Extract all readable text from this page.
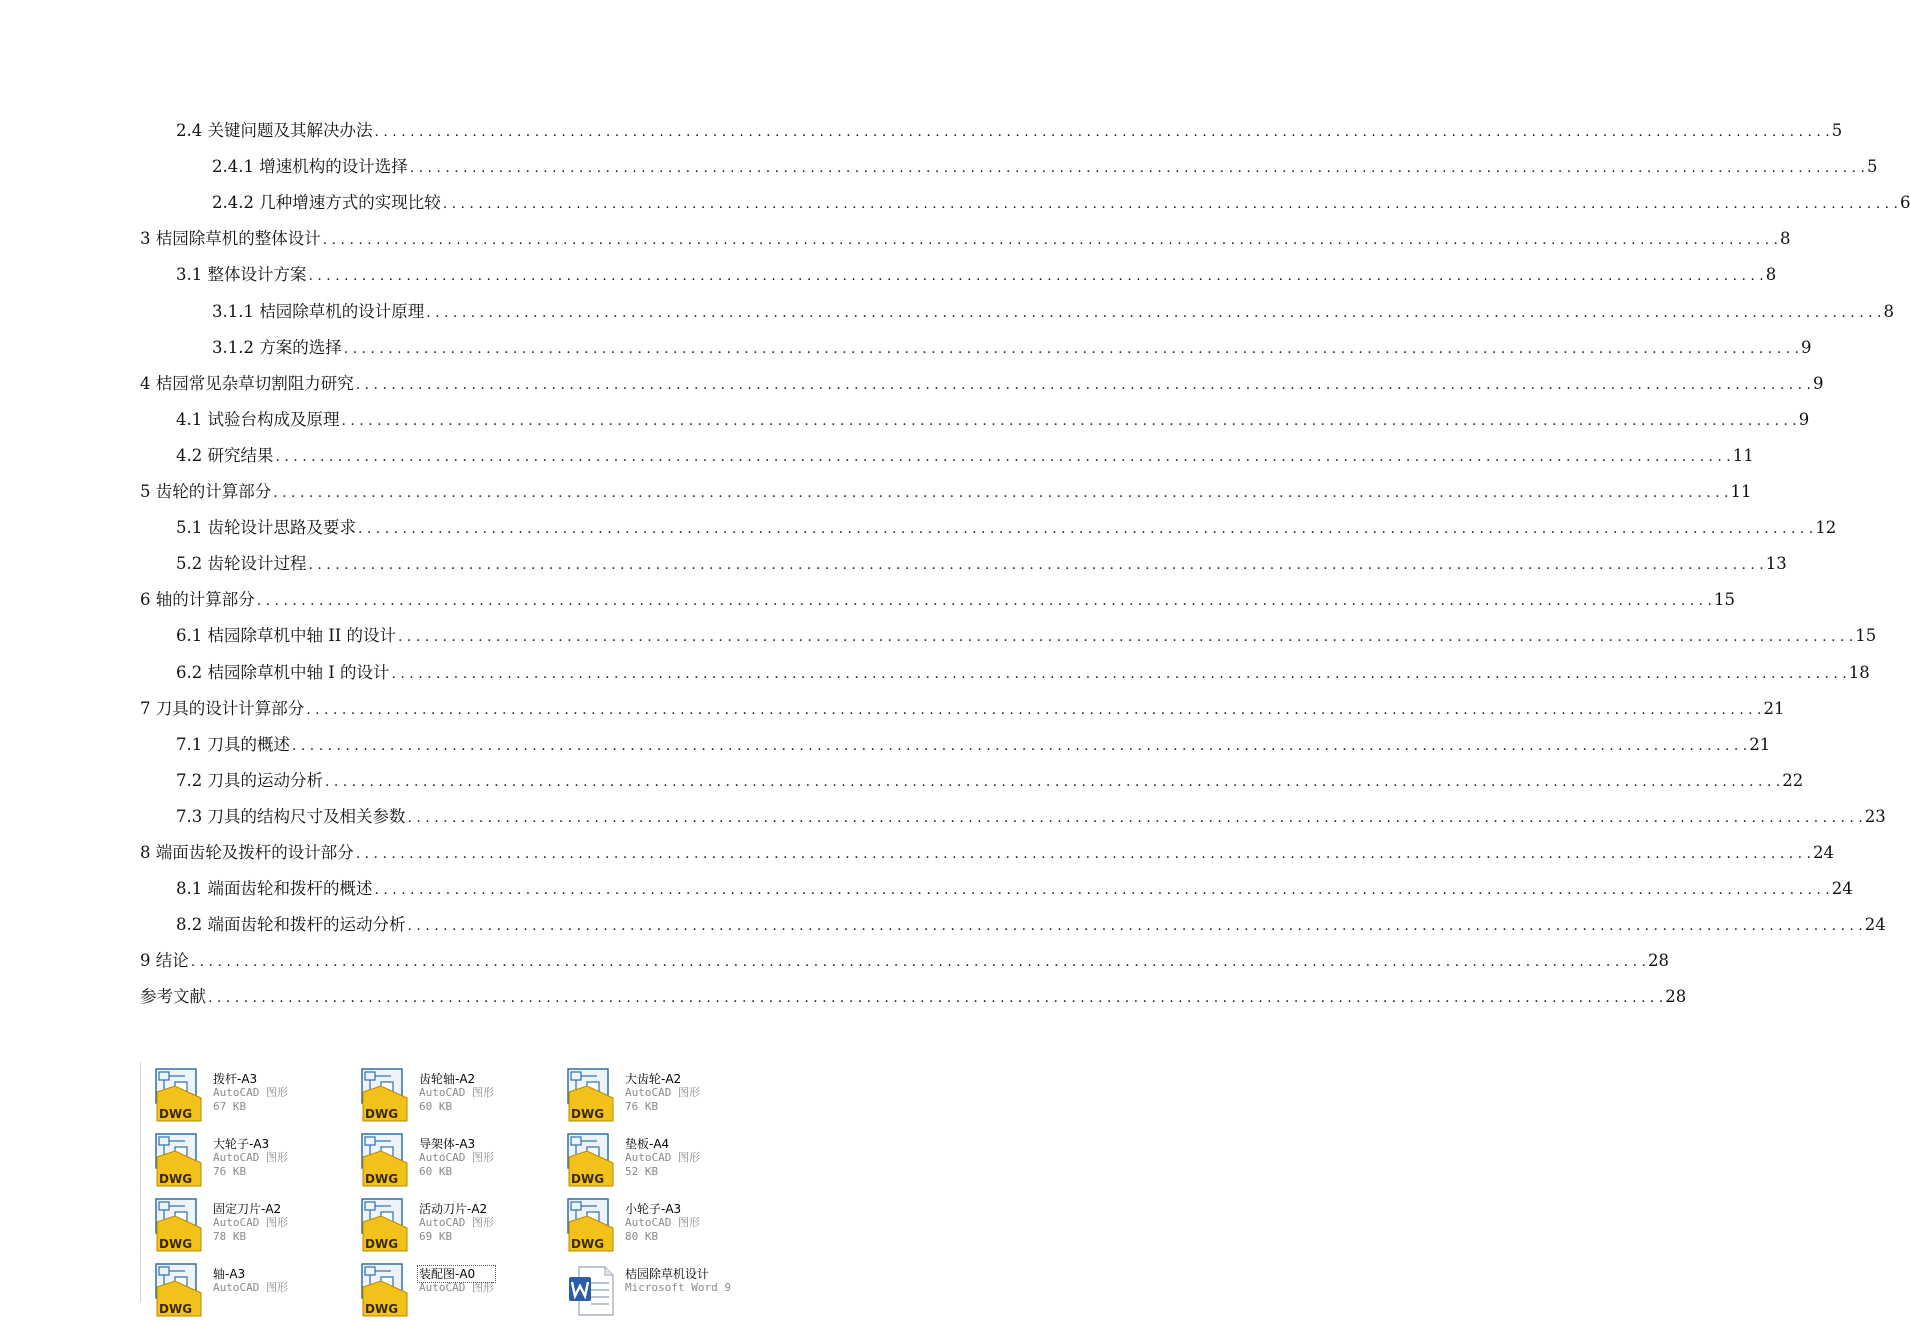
2.4 关键问题及其解决办法 . . .	5
2.4.1 增速机构的设计选择 . . .	5
2.4.2 几种增速方式的实现比较 . . .	6
3 桔园除草机的整体设计 . . .	8
3.1 整体设计方案 . . .	8
3.1.1 桔园除草机的设计原理 . . .	8
3.1.2 方案的选择 . . .	9
4 桔园常见杂草切割阻力研究 . . .	9
4.1 试验台构成及原理 . . .	9
4.2 研究结果 . . .	11
5 齿轮的计算部分 . . .	11
5.1 齿轮设计思路及要求 . . .	12
5.2 齿轮设计过程 . . .	13
6 轴的计算部分 . . .	15
6.1 桔园除草机中轴 II 的设计 . . .	15
6.2 桔园除草机中轴 I 的设计 . . .	18
7 刀具的设计计算部分 . . .	21
7.1 刀具的概述 . . .	21
7.2 刀具的运动分析 . . .	22
7.3 刀具的结构尺寸及相关参数 . . .	23
8 端面齿轮及拨杆的设计部分 . . .	24
8.1 端面齿轮和拨杆的概述 . . .	24
8.2 端面齿轮和拨杆的运动分析 . . .	24
9 结论 . . .	28
参考文献 . . .	28
DWG
拨杆-A3
AutoCAD 图形
67 KB
DWG
齿轮轴-A2
AutoCAD 图形
60 KB
DWG
大齿轮-A2
AutoCAD 图形
76 KB
DWG
大轮子-A3
AutoCAD 图形
76 KB
DWG
导架体-A3
AutoCAD 图形
60 KB
DWG
垫板-A4
AutoCAD 图形
52 KB
DWG
固定刀片-A2
AutoCAD 图形
78 KB
DWG
活动刀片-A2
AutoCAD 图形
69 KB
DWG
小轮子-A3
AutoCAD 图形
80 KB
DWG
轴-A3
AutoCAD 图形
DWG
装配图-A0
AutoCAD 图形
桔园除草机设计
Microsoft Word 9
